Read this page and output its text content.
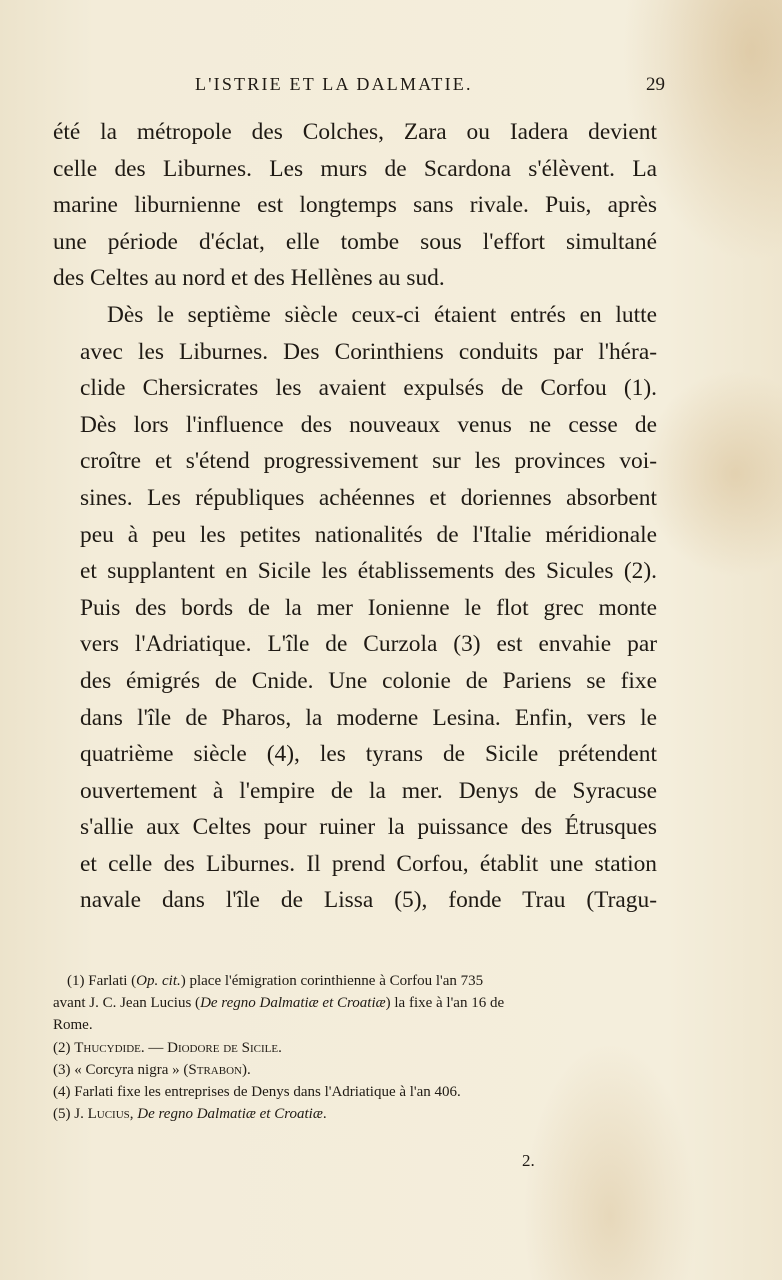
L'ISTRIE ET LA DALMATIE.	29

été la métropole des Colches, Zara ou Iadera devient
celle des Liburnes. Les murs de Scardona s'élèvent. La
marine liburnienne est longtemps sans rivale. Puis, après
une période d'éclat, elle tombe sous l'effort simultané
des Celtes au nord et des Hellènes au sud.

Dès le septième siècle ceux-ci étaient entrés en lutte
avec les Liburnes. Des Corinthiens conduits par l'héra-
clide Chersicrates les avaient expulsés de Corfou (1).
Dès lors l'influence des nouveaux venus ne cesse de
croître et s'étend progressivement sur les provinces voi-
sines. Les républiques achéennes et doriennes absorbent
peu à peu les petites nationalités de l'Italie méridionale
et supplantent en Sicile les établissements des Sicules (2).
Puis des bords de la mer Ionienne le flot grec monte
vers l'Adriatique. L'île de Curzola (3) est envahie par
des émigrés de Cnide. Une colonie de Pariens se fixe
dans l'île de Pharos, la moderne Lesina. Enfin, vers le
quatrième siècle (4), les tyrans de Sicile prétendent
ouvertement à l'empire de la mer. Denys de Syracuse
s'allie aux Celtes pour ruiner la puissance des Étrusques
et celle des Liburnes. Il prend Corfou, établit une station
navale dans l'île de Lissa (5), fonde Trau (Tragu-

(1) Farlati (Op. cit.) place l'émigration corinthienne à Corfou l'an 735
avant J. C. Jean Lucius (De regno Dalmatiæ et Croatiæ) la fixe à l'an 16 de
Rome.
(2) Thucydide. — Diodore de Sicile.
(3) « Corcyra nigra » (Strabon).
(4) Farlati fixe les entreprises de Denys dans l'Adriatique à l'an 406.
(5) J. Lucius, De regno Dalmatiæ et Croatiæ.
2.
